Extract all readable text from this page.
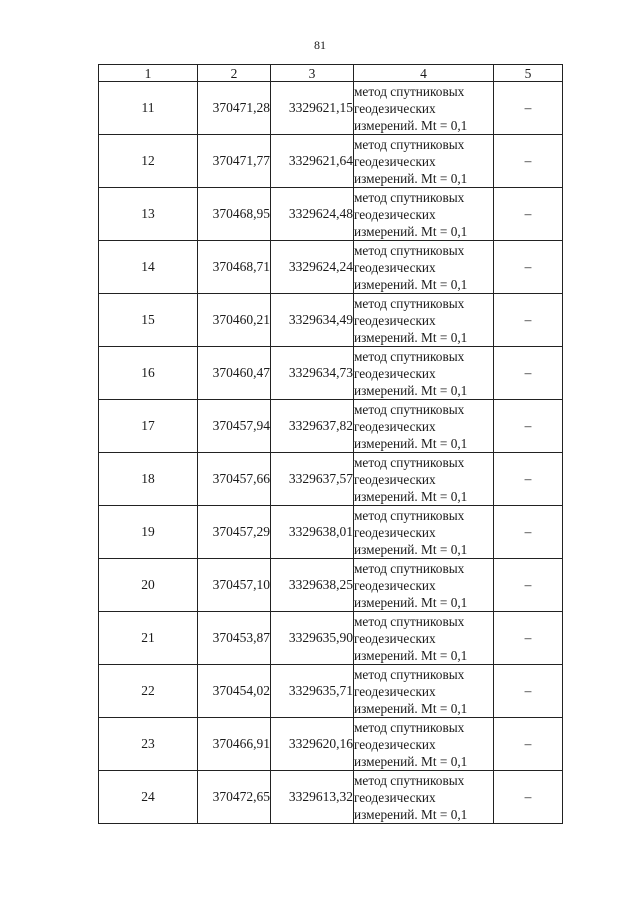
81
1	2	3	4	5
11	370471,28	3329621,15	метод спутниковых
геодезических
измерений. Mt = 0,1	–
12	370471,77	3329621,64	метод спутниковых
геодезических
измерений. Mt = 0,1	–
13	370468,95	3329624,48	метод спутниковых
геодезических
измерений. Mt = 0,1	–
14	370468,71	3329624,24	метод спутниковых
геодезических
измерений. Mt = 0,1	–
15	370460,21	3329634,49	метод спутниковых
геодезических
измерений. Mt = 0,1	–
16	370460,47	3329634,73	метод спутниковых
геодезических
измерений. Mt = 0,1	–
17	370457,94	3329637,82	метод спутниковых
геодезических
измерений. Mt = 0,1	–
18	370457,66	3329637,57	метод спутниковых
геодезических
измерений. Mt = 0,1	–
19	370457,29	3329638,01	метод спутниковых
геодезических
измерений. Mt = 0,1	–
20	370457,10	3329638,25	метод спутниковых
геодезических
измерений. Mt = 0,1	–
21	370453,87	3329635,90	метод спутниковых
геодезических
измерений. Mt = 0,1	–
22	370454,02	3329635,71	метод спутниковых
геодезических
измерений. Mt = 0,1	–
23	370466,91	3329620,16	метод спутниковых
геодезических
измерений. Mt = 0,1	–
24	370472,65	3329613,32	метод спутниковых
геодезических
измерений. Mt = 0,1	–
